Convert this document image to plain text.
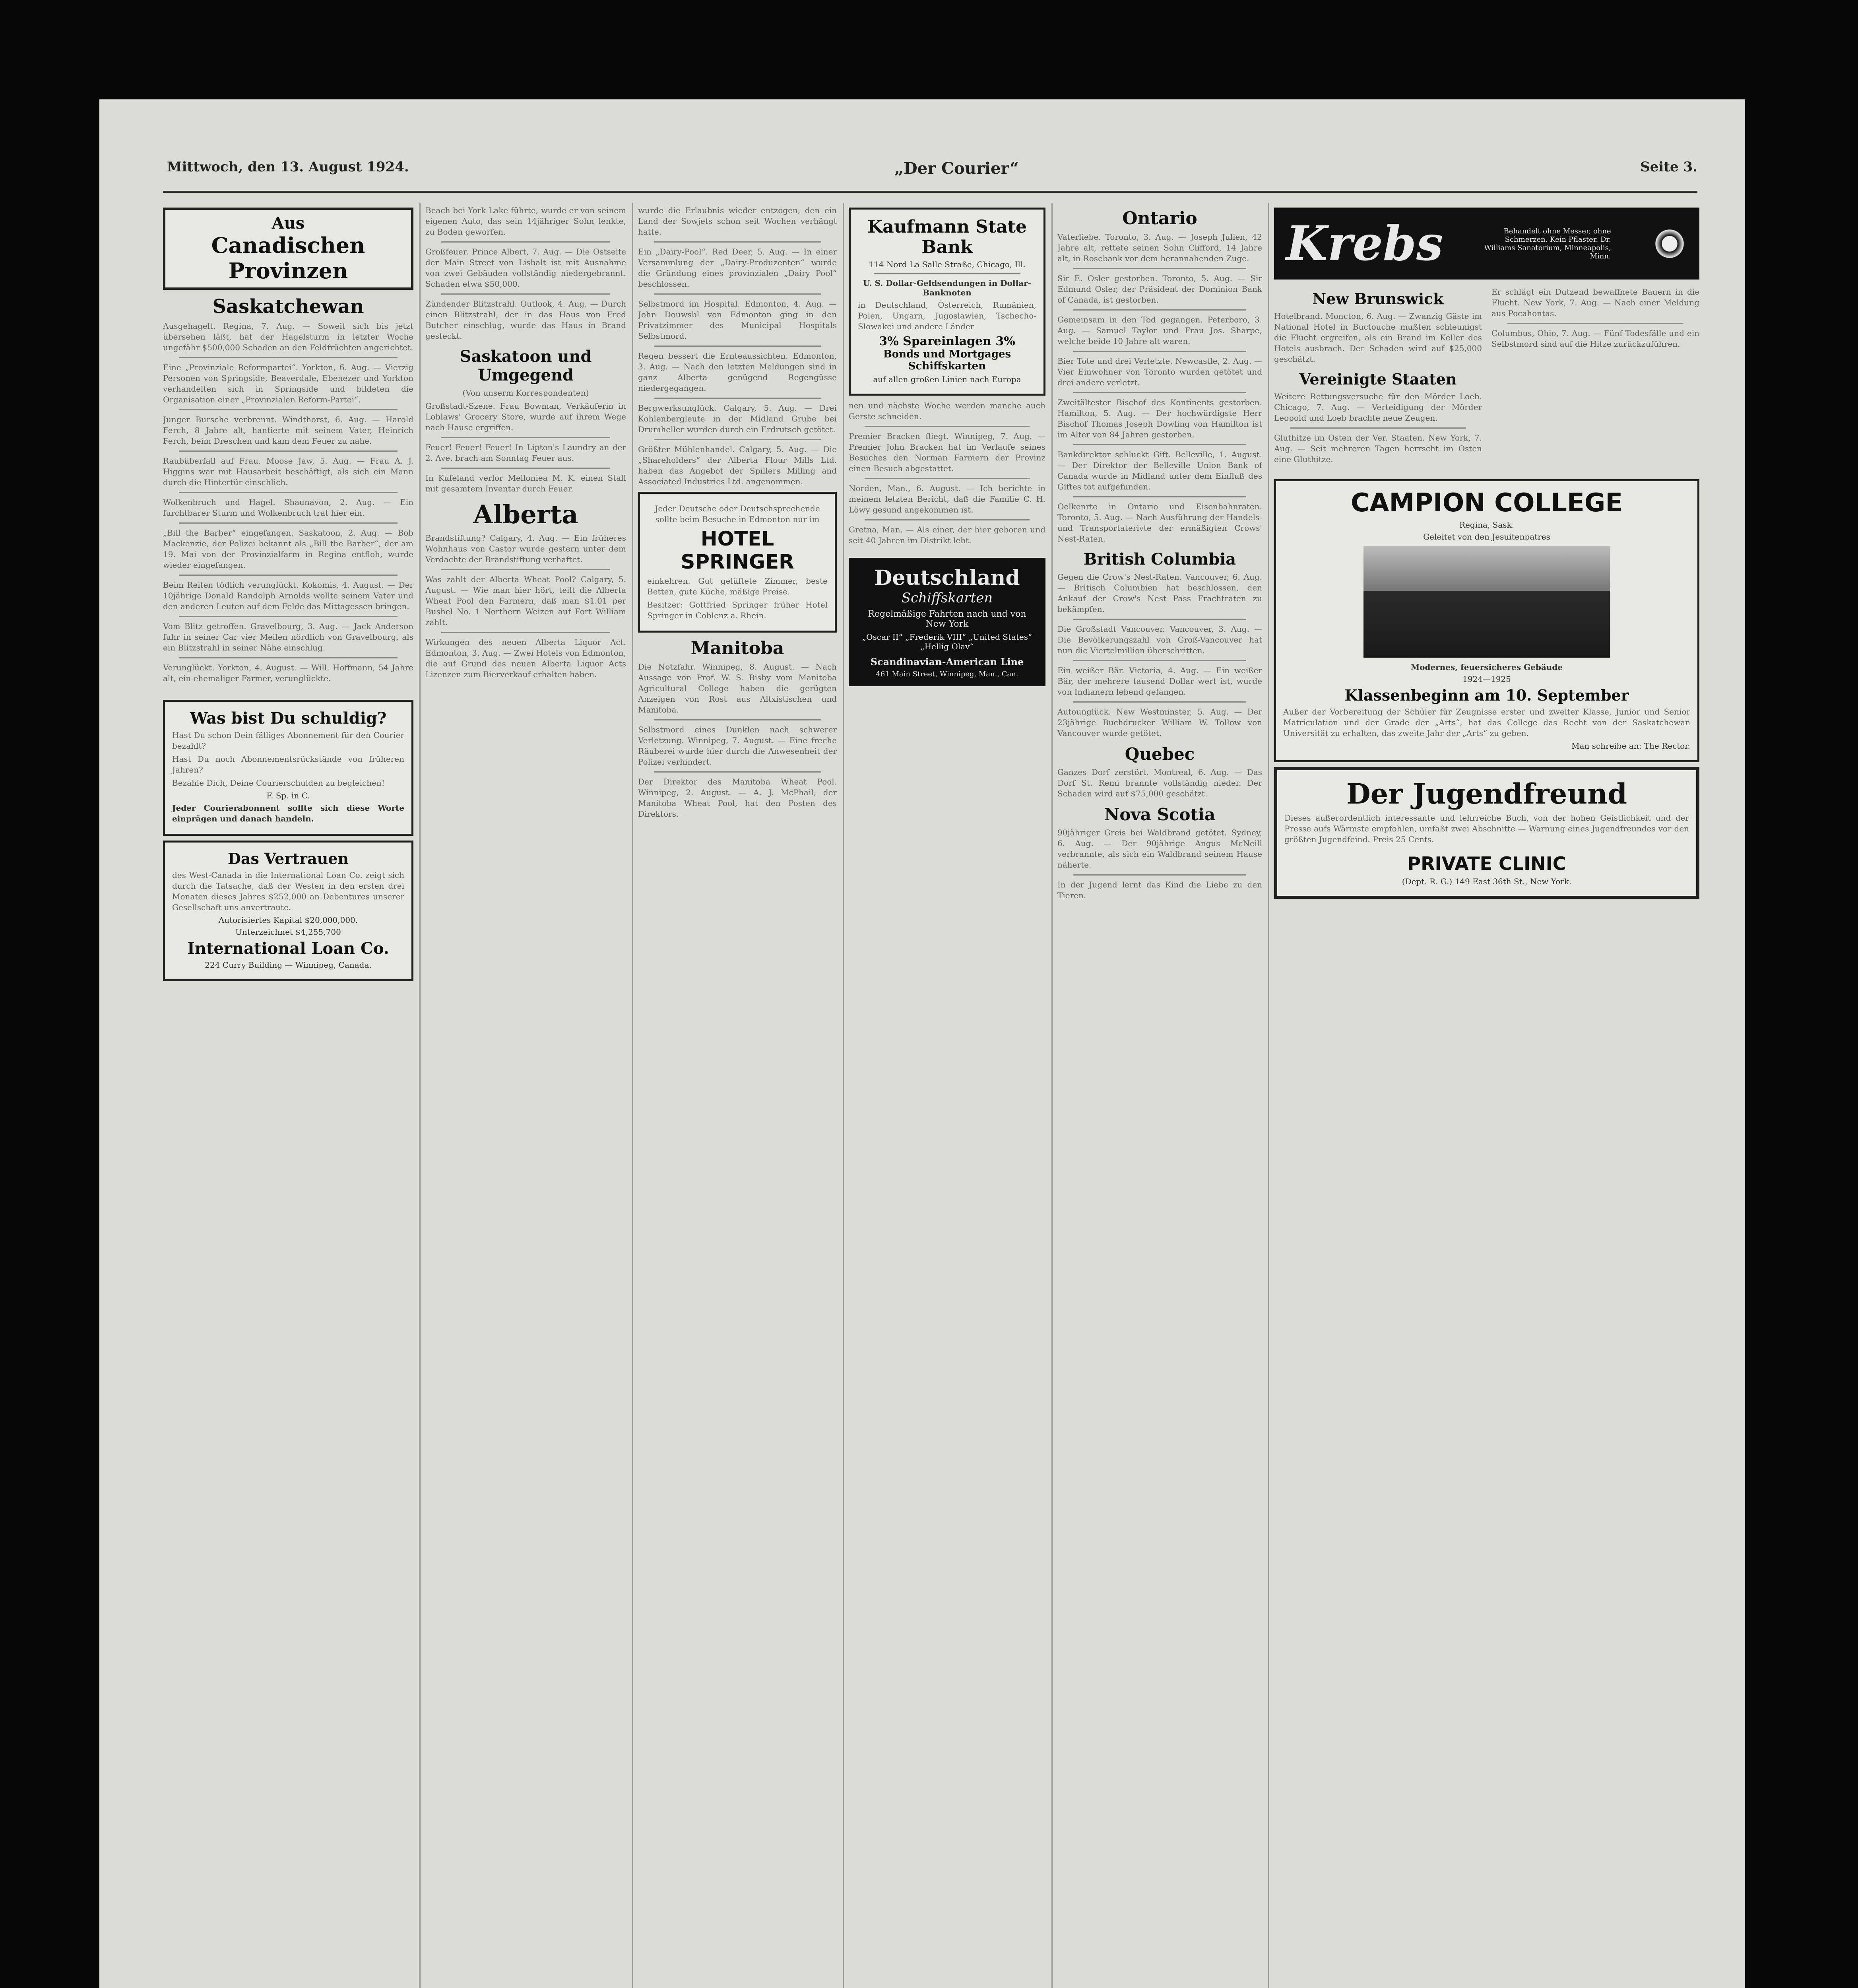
Mittwoch, den 13. August 1924.	„Der Courier“	Seite 3.
Aus
Canadischen Provinzen
Saskatchewan
Ausgehagelt. Regina, 7. Aug. — Soweit sich bis jetzt übersehen läßt, hat der Hagelsturm in letzter Woche ungefähr $500,000 Schaden an den Feldfrüchten angerichtet.
Eine „Provinziale Reformpartei“. Yorkton, 6. Aug. — Vierzig Personen von Springside, Beaverdale, Ebenezer und Yorkton verhandelten sich in Springside und bildeten die Organisation einer „Provinzialen Reform-Partei“.
Junger Bursche verbrennt. Windthorst, 6. Aug. — Harold Ferch, 8 Jahre alt, hantierte mit seinem Vater, Heinrich Ferch, beim Dreschen und kam dem Feuer zu nahe.
Raubüberfall auf Frau. Moose Jaw, 5. Aug. — Frau A. J. Higgins war mit Hausarbeit beschäftigt, als sich ein Mann durch die Hintertür einschlich.
Wolkenbruch und Hagel. Shaunavon, 2. Aug. — Ein furchtbarer Sturm und Wolkenbruch trat hier ein.
„Bill the Barber“ eingefangen. Saskatoon, 2. Aug. — Bob Mackenzie, der Polizei bekannt als „Bill the Barber“, der am 19. Mai von der Provinzialfarm in Regina entfloh, wurde wieder eingefangen.
Beim Reiten tödlich verunglückt. Kokomis, 4. August. — Der 10jährige Donald Randolph Arnolds wollte seinem Vater und den anderen Leuten auf dem Felde das Mittagessen bringen.
Vom Blitz getroffen. Gravelbourg, 3. Aug. — Jack Anderson fuhr in seiner Car vier Meilen nördlich von Gravelbourg, als ein Blitzstrahl in seiner Nähe einschlug.
Verunglückt. Yorkton, 4. August. — Will. Hoffmann, 54 Jahre alt, ein ehemaliger Farmer, verunglückte.
Was bist Du schuldig?
Hast Du schon Dein fälliges Abonnement für den Courier bezahlt?
Hast Du noch Abonnementsrückstände von früheren Jahren?
Bezahle Dich, Deine Courierschulden zu begleichen!
F. Sp. in C.
Jeder Courierabonnent sollte sich diese Worte einprägen und danach handeln.
Das Vertrauen
des West-Canada in die International Loan Co. zeigt sich durch die Tatsache, daß der Westen in den ersten drei Monaten dieses Jahres $252,000 an Debentures unserer Gesellschaft uns anvertraute.
Autorisiertes Kapital $20,000,000.
Unterzeichnet $4,255,700
International Loan Co.
224 Curry Building — Winnipeg, Canada.
Beach bei York Lake führte, wurde er von seinem eigenen Auto, das sein 14jähriger Sohn lenkte, zu Boden geworfen.
Großfeuer. Prince Albert, 7. Aug. — Die Ostseite der Main Street von Lisbalt ist mit Ausnahme von zwei Gebäuden vollständig niedergebrannt. Schaden etwa $50,000.
Zündender Blitzstrahl. Outlook, 4. Aug. — Durch einen Blitzstrahl, der in das Haus von Fred Butcher einschlug, wurde das Haus in Brand gesteckt.
Saskatoon und Umgegend
(Von unserm Korrespondenten)
Großstadt-Szene. Frau Bowman, Verkäuferin in Loblaws' Grocery Store, wurde auf ihrem Wege nach Hause ergriffen.
Feuer! Feuer! Feuer! In Lipton's Laundry an der 2. Ave. brach am Sonntag Feuer aus.
In Kufeland verlor Melloniea M. K. einen Stall mit gesamtem Inventar durch Feuer.
Alberta
Brandstiftung? Calgary, 4. Aug. — Ein früheres Wohnhaus von Castor wurde gestern unter dem Verdachte der Brandstiftung verhaftet.
Was zahlt der Alberta Wheat Pool? Calgary, 5. August. — Wie man hier hört, teilt die Alberta Wheat Pool den Farmern, daß man $1.01 per Bushel No. 1 Northern Weizen auf Fort William zahlt.
Wirkungen des neuen Alberta Liquor Act. Edmonton, 3. Aug. — Zwei Hotels von Edmonton, die auf Grund des neuen Alberta Liquor Acts Lizenzen zum Bierverkauf erhalten haben.
wurde die Erlaubnis wieder entzogen, den ein Land der Sowjets schon seit Wochen verhängt hatte.
Ein „Dairy-Pool“. Red Deer, 5. Aug. — In einer Versammlung der „Dairy-Produzenten“ wurde die Gründung eines provinzialen „Dairy Pool“ beschlossen.
Selbstmord im Hospital. Edmonton, 4. Aug. — John Douwsbl von Edmonton ging in den Privatzimmer des Municipal Hospitals Selbstmord.
Regen bessert die Ernteaussichten. Edmonton, 3. Aug. — Nach den letzten Meldungen sind in ganz Alberta genügend Regengüsse niedergegangen.
Bergwerksunglück. Calgary, 5. Aug. — Drei Kohlenbergleute in der Midland Grube bei Drumheller wurden durch ein Erdrutsch getötet.
Größter Mühlenhandel. Calgary, 5. Aug. — Die „Shareholders“ der Alberta Flour Mills Ltd. haben das Angebot der Spillers Milling and Associated Industries Ltd. angenommen.
Jeder Deutsche oder Deutschsprechende sollte beim Besuche in Edmonton nur im
HOTEL SPRINGER
einkehren. Gut gelüftete Zimmer, beste Betten, gute Küche, mäßige Preise.
Besitzer: Gottfried Springer früher Hotel Springer in Coblenz a. Rhein.
Manitoba
Die Notzfahr. Winnipeg, 8. August. — Nach Aussage von Prof. W. S. Bisby vom Manitoba Agricultural College haben die gerügten Anzeigen von Rost aus Altxistischen und Manitoba.
Selbstmord eines Dunklen nach schwerer Verletzung. Winnipeg, 7. August. — Eine freche Räuberei wurde hier durch die Anwesenheit der Polizei verhindert.
Der Direktor des Manitoba Wheat Pool. Winnipeg, 2. August. — A. J. McPhail, der Manitoba Wheat Pool, hat den Posten des Direktors.
Kaufmann State Bank
114 Nord La Salle Straße, Chicago, Ill.
U. S. Dollar-Geldsendungen in Dollar-Banknoten
in Deutschland, Österreich, Rumänien, Polen, Ungarn, Jugoslawien, Tschecho-Slowakei und andere Länder
3% Spareinlagen 3%
Bonds und Mortgages
Schiffskarten
auf allen großen Linien nach Europa
nen und nächste Woche werden manche auch Gerste schneiden.
Premier Bracken fliegt. Winnipeg, 7. Aug. — Premier John Bracken hat im Verlaufe seines Besuches den Norman Farmern der Provinz einen Besuch abgestattet.
Norden, Man., 6. August. — Ich berichte in meinem letzten Bericht, daß die Familie C. H. Löwy gesund angekommen ist.
Gretna, Man. — Als einer, der hier geboren und seit 40 Jahren im Distrikt lebt.
Deutschland
Schiffskarten
Regelmäßige Fahrten nach und von New York
„Oscar II“ „Frederik VIII“ „United States“ „Hellig Olav“
Scandinavian-American Line
461 Main Street, Winnipeg, Man., Can.
Ontario
Vaterliebe. Toronto, 3. Aug. — Joseph Julien, 42 Jahre alt, rettete seinen Sohn Clifford, 14 Jahre alt, in Rosebank vor dem herannahenden Zuge.
Sir E. Osler gestorben. Toronto, 5. Aug. — Sir Edmund Osler, der Präsident der Dominion Bank of Canada, ist gestorben.
Gemeinsam in den Tod gegangen. Peterboro, 3. Aug. — Samuel Taylor und Frau Jos. Sharpe, welche beide 10 Jahre alt waren.
Bier Tote und drei Verletzte. Newcastle, 2. Aug. — Vier Einwohner von Toronto wurden getötet und drei andere verletzt.
Zweitältester Bischof des Kontinents gestorben. Hamilton, 5. Aug. — Der hochwürdigste Herr Bischof Thomas Joseph Dowling von Hamilton ist im Alter von 84 Jahren gestorben.
Bankdirektor schluckt Gift. Belleville, 1. August. — Der Direktor der Belleville Union Bank of Canada wurde in Midland unter dem Einfluß des Giftes tot aufgefunden.
Oelkenrte in Ontario und Eisenbahnraten. Toronto, 5. Aug. — Nach Ausführung der Handels- und Transportaterivte der ermäßigten Crows' Nest-Raten.
British Columbia
Gegen die Crow's Nest-Raten. Vancouver, 6. Aug. — Britisch Columbien hat beschlossen, den Ankauf der Crow's Nest Pass Frachtraten zu bekämpfen.
Die Großstadt Vancouver. Vancouver, 3. Aug. — Die Bevölkerungszahl von Groß-Vancouver hat nun die Viertelmillion überschritten.
Ein weißer Bär. Victoria, 4. Aug. — Ein weißer Bär, der mehrere tausend Dollar wert ist, wurde von Indianern lebend gefangen.
Autounglück. New Westminster, 5. Aug. — Der 23jährige Buchdrucker William W. Tollow von Vancouver wurde getötet.
Quebec
Ganzes Dorf zerstört. Montreal, 6. Aug. — Das Dorf St. Remi brannte vollständig nieder. Der Schaden wird auf $75,000 geschätzt.
Nova Scotia
90jähriger Greis bei Waldbrand getötet. Sydney, 6. Aug. — Der 90jährige Angus McNeill verbrannte, als sich ein Waldbrand seinem Hause näherte.
In der Jugend lernt das Kind die Liebe zu den Tieren.
Krebs	Behandelt ohne Messer, ohne Schmerzen. Kein Pflaster. Dr. Williams Sanatorium, Minneapolis, Minn.
New Brunswick
Hotelbrand. Moncton, 6. Aug. — Zwanzig Gäste im National Hotel in Buctouche mußten schleunigst die Flucht ergreifen, als ein Brand im Keller des Hotels ausbrach. Der Schaden wird auf $25,000 geschätzt.
Vereinigte Staaten
Weitere Rettungsversuche für den Mörder Loeb. Chicago, 7. Aug. — Verteidigung der Mörder Leopold und Loeb brachte neue Zeugen.
Gluthitze im Osten der Ver. Staaten. New York, 7. Aug. — Seit mehreren Tagen herrscht im Osten eine Gluthitze.
Er schlägt ein Dutzend bewaffnete Bauern in die Flucht. New York, 7. Aug. — Nach einer Meldung aus Pocahontas.
Columbus, Ohio, 7. Aug. — Fünf Todesfälle und ein Selbstmord sind auf die Hitze zurückzuführen.
CAMPION COLLEGE
Regina, Sask.
Geleitet von den Jesuitenpatres
Modernes, feuersicheres Gebäude
1924—1925
Klassenbeginn am 10. September
Außer der Vorbereitung der Schüler für Zeugnisse erster und zweiter Klasse, Junior und Senior Matriculation und der Grade der „Arts“, hat das College das Recht von der Saskatchewan Universität zu erhalten, das zweite Jahr der „Arts“ zu geben.
Man schreibe an: The Rector.
Der Jugendfreund
Dieses außerordentlich interessante und lehrreiche Buch, von der hohen Geistlichkeit und der Presse aufs Wärmste empfohlen, umfaßt zwei Abschnitte — Warnung eines Jugendfreundes vor den größten Jugendfeind. Preis 25 Cents.
PRIVATE CLINIC
(Dept. R. G.) 149 East 36th St., New York.
